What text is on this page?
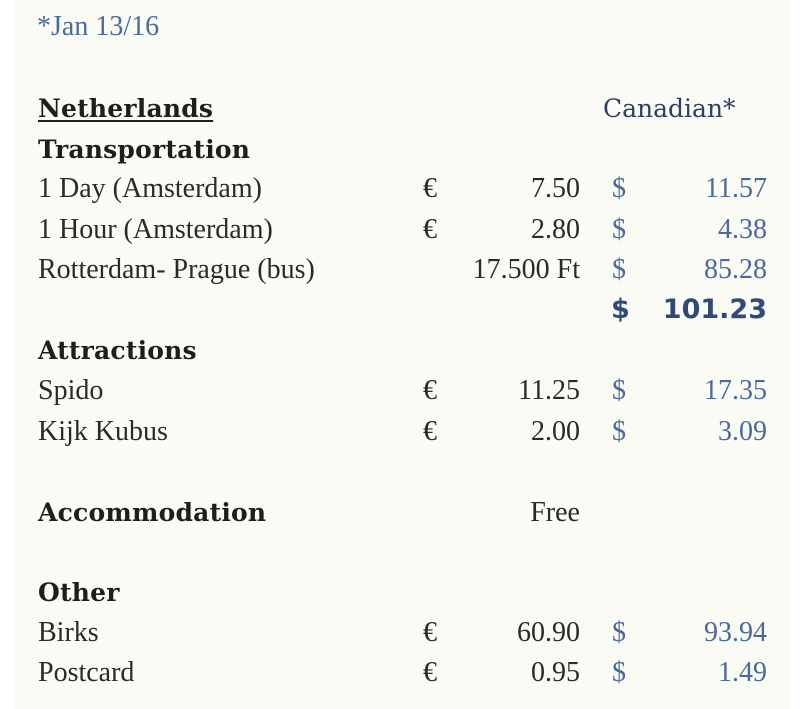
*Jan 13/16
Netherlands	Canadian*
Transportation
1 Day (Amsterdam)	€	7.50 $	11.57
1 Hour (Amsterdam)	€	2.80 $	4.38
Rotterdam- Prague (bus)	17.500 Ft $	85.28
$ 101.23
Attractions
Spido	€	11.25 $	17.35
Kijk Kubus	€	2.00 $	3.09
Accommodation	Free
Other
Birks	€	60.90 $	93.94
Postcard	€	0.95 $	1.49
